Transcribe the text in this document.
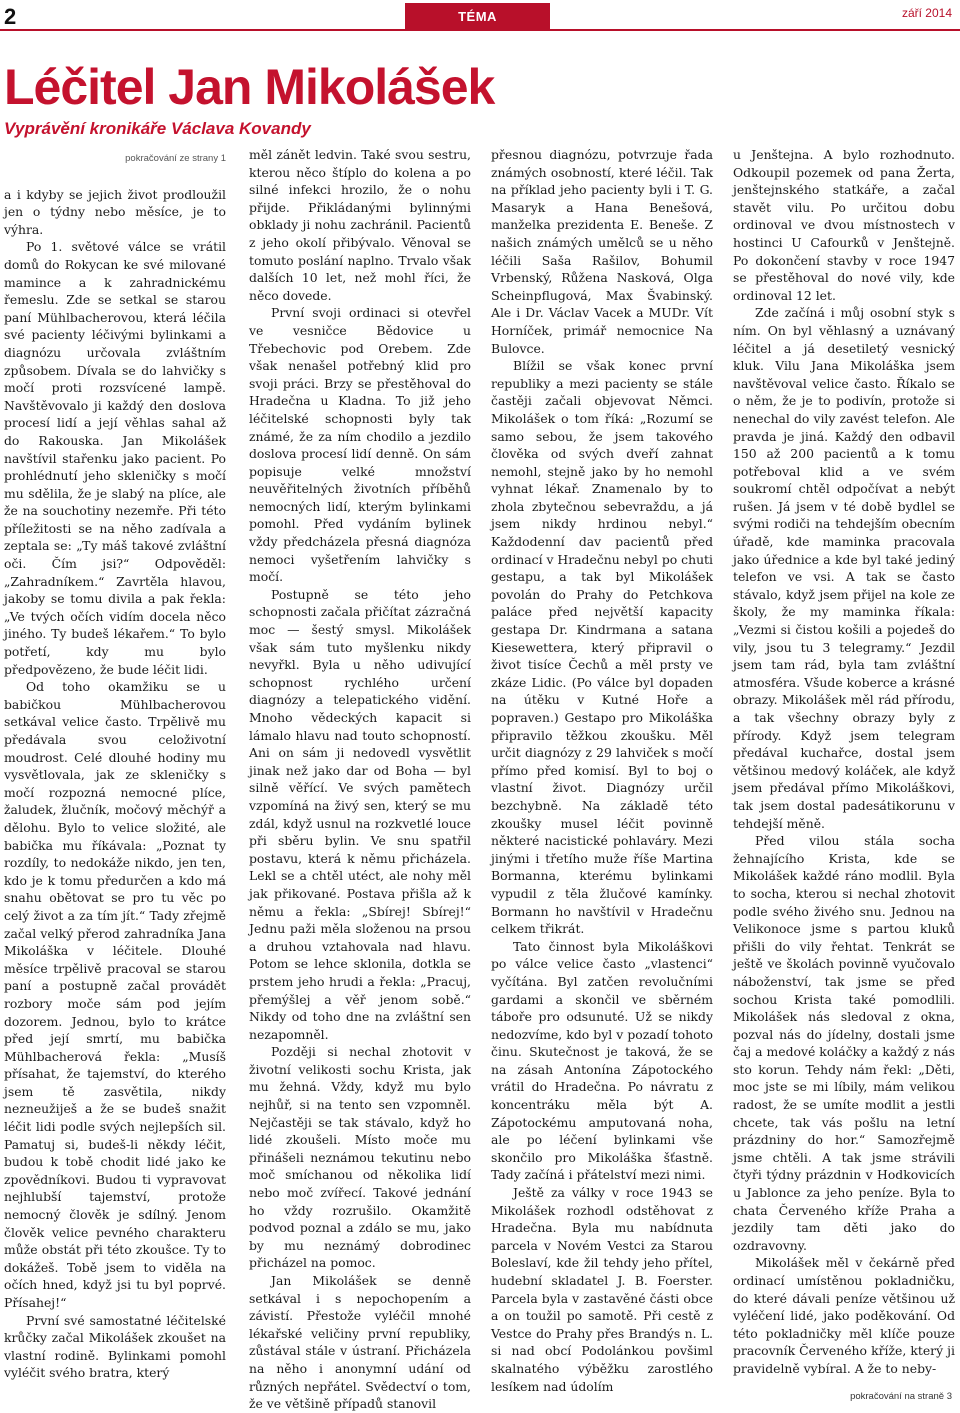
2	TÉMA	září 2014
Léčitel Jan Mikolášek
Vyprávění kronikáře Václava Kovandy
pokračování ze strany 1

a i kdyby se jejich život prodloužil jen o týdny nebo měsíce, je to výhra.

Po 1. světové válce se vrátil domů do Rokycan ke své milované mamince a k zahradnickému řemeslu. Zde se setkal se starou paní Mühlbacherovou, která léčila své pacienty léčivými bylinkami a diagnózu určovala zvláštním způsobem. Dívala se do lahvičky s močí proti rozsvícené lampě. Navštěvovalo ji každý den doslova procesí lidí a její věhlas sahal až do Rakouska. Jan Mikolášek navštívil stařenku jako pacient. Po prohlédnutí jeho skleničky s močí mu sdělila, že je slabý na plíce, ale že na souchotiny nezemře. Při této příležitosti se na něho zadívala a zeptala se: „Ty máš takové zvláštní oči. Čím jsi?“ Odpověděl: „Zahradníkem.“ Zavrtěla hlavou, jakoby se tomu divila a pak řekla: „Ve tvých očích vidím docela něco jiného. Ty budeš lékařem.“ To bylo potřetí, kdy mu bylo předpovězeno, že bude léčit lidi.

Od toho okamžiku se u babičkou Mühlbacherovou setkával velice často. Trpělivě mu předávala svou celoživotní moudrost. Celé dlouhé hodiny mu vysvětlovala, jak ze skleničky s močí rozpozná nemocné plíce, žaludek, žlučník, močový měchýř a dělohu. Bylo to velice složité, ale babička mu říkávala: „Poznat ty rozdíly, to nedokáže nikdo, jen ten, kdo je k tomu předurčen a kdo má snahu obětovat se pro tu věc po celý život a za tím jít.“ Tady zřejmě začal velký přerod zahradníka Jana Mikoláška v léčitele. Dlouhé měsíce trpělivě pracoval se starou paní a postupně začal provádět rozbory moče sám pod jejím dozorem. Jednou, bylo to krátce před její smrtí, mu babička Mühlbacherová řekla: „Musíš přísahat, že tajemství, do kterého jsem tě zasvětila, nikdy nezneužiješ a že se budeš snažit léčit lidi podle svých nejlepších sil. Pamatuj si, budeš-li někdy léčit, budou k tobě chodit lidé jako ke zpovědníkovi. Budou ti vypravovat nejhlubší tajemství, protože nemocný člověk je sdílný. Jenom člověk velice pevného charakteru může obstát při této zkoušce. Ty to dokážeš. Tobě jsem to viděla na očích hned, když jsi tu byl poprvé. Přísahej!“

První své samostatné léčitelské krůčky začal Mikolášek zkoušet na vlastní rodině. Bylinkami pomohl vyléčit svého bratra, který

měl zánět ledvin. Také svou sestru, kterou něco štíplo do kolena a po silné infekci hrozilo, že o nohu přijde. Přikládanými bylinnými obklady ji nohu zachránil. Pacientů z jeho okolí přibývalo. Věnoval se tomuto poslání naplno. Trvalo však dalších 10 let, než mohl říci, že něco dovede.

První svoji ordinaci si otevřel ve vesničce Bědovice u Třebechovic pod Orebem. Zde však nenašel potřebný klid pro svoji práci. Brzy se přestěhoval do Hradečna u Kladna. To již jeho léčitelské schopnosti byly tak známé, že za ním chodilo a jezdilo doslova procesí lidí denně. On sám popisuje velké množství neuvěřitelných životních příběhů nemocných lidí, kterým bylinkami pomohl. Před vydáním bylinek vždy předcházela přesná diagnóza nemoci vyšetřením lahvičky s močí.

Postupně se této jeho schopnosti začala přičítat zázračná moc — šestý smysl. Mikolášek však sám tuto myšlenku nikdy nevyřkl. Byla u něho udivující schopnost rychlého určení diagnózy a telepatického vidění. Mnoho vědeckých kapacit si lámalo hlavu nad touto schopností. Ani on sám ji nedovedl vysvětlit jinak než jako dar od Boha — byl silně věřící. Ve svých pamětech vzpomíná na živý sen, který se mu zdál, když usnul na rozkvetlé louce při sběru bylin. Ve snu spatřil postavu, která k němu přicházela. Lekl se a chtěl utéct, ale nohy měl jak přikované. Postava přišla až k němu a řekla: „Sbírej! Sbírej!“ Jednu paži měla složenou na prsou a druhou vztahovala nad hlavu. Potom se lehce sklonila, dotkla se prstem jeho hrudi a řekla: „Pracuj, přemýšlej a věř jenom sobě.“ Nikdy od toho dne na zvláštní sen nezapomněl.

Později si nechal zhotovit v životní velikosti sochu Krista, jak mu žehná. Vždy, když mu bylo nejhůř, si na tento sen vzpomněl. Nejčastěji se tak stávalo, když ho lidé zkoušeli. Místo moče mu přinášeli neznámou tekutinu nebo moč smíchanou od několika lidí nebo moč zvířecí. Takové jednání ho vždy rozrušilo. Okamžitě podvod poznal a zdálo se mu, jako by mu neznámý dobrodinec přicházel na pomoc.

Jan Mikolášek se denně setkával i s nepochopením a závistí. Přestože vyléčil mnohé lékařské veličiny první republiky, zůstával stále v ústraní. Přicházela na něho i anonymní udání od různých nepřátel. Svědectví o tom, že ve většině případů stanovil

přesnou diagnózu, potvrzuje řada známých osobností, které léčil. Tak na příklad jeho pacienty byli i T. G. Masaryk a Hana Benešová, manželka prezidenta E. Beneše. Z našich známých umělců se u něho léčili Saša Rašilov, Bohumil Vrbenský, Růžena Nasková, Olga Scheinpflugová, Max Švabinský. Ale i Dr. Václav Vacek a MUDr. Vít Horníček, primář nemocnice Na Bulovce.

Blížil se však konec první republiky a mezi pacienty se stále častěji začali objevovat Němci. Mikolášek o tom říká: „Rozumí se samo sebou, že jsem takového člověka od svých dveří zahnat nemohl, stejně jako by ho nemohl vyhnat lékař. Znamenalo by to zhola zbytečnou sebevraždu, a já jsem nikdy hrdinou nebyl.“ Každodenní dav pacientů před ordinací v Hradečnu nebyl po chuti gestapu, a tak byl Mikolášek povolán do Prahy do Petchkova paláce před největší kapacity gestapa Dr. Kindrmana a satana Kiesewettera, který připravil o život tisíce Čechů a měl prsty ve zkáze Lidic. (Po válce byl dopaden na útěku v Kutné Hoře a popraven.) Gestapo pro Mikoláška připravilo těžkou zkoušku. Měl určit diagnózy z 29 lahviček s močí přímo před komisí. Byl to boj o vlastní život. Diagnózy určil bezchybně. Na základě této zkoušky musel léčit povinně některé nacistické pohlaváry. Mezi jinými i třetího muže říše Martina Bormanna, kterému bylinkami vypudil z těla žlučové kamínky. Bormann ho navštívil v Hradečnu celkem třikrát.

Tato činnost byla Mikoláškovi po válce velice často „vlastenci“ vyčítána. Byl zatčen revolučními gardami a skončil ve sběrném táboře pro odsunuté. Už se nikdy nedozvíme, kdo byl v pozadí tohoto činu. Skutečnost je taková, že se na zásah Antonína Zápotockého vrátil do Hradečna. Po návratu z koncentráku měla být A. Zápotockému amputovaná noha, ale po léčení bylinkami vše skončilo pro Mikoláška šťastně. Tady začíná i přátelství mezi nimi.

Ještě za války v roce 1943 se Mikolášek rozhodl odstěhovat z Hradečna. Byla mu nabídnuta parcela v Novém Vestci za Starou Boleslaví, kde žil tehdy jeho přítel, hudební skladatel J. B. Foerster. Parcela byla v zastavěné části obce a on toužil po samotě. Při cestě z Vestce do Prahy přes Brandýs n. L. si nad obcí Podolánkou povšiml skalnatého výběžku zarostlého lesíkem nad údolím

u Jenštejna. A bylo rozhodnuto. Odkoupil pozemek od pana Žerta, jenštejnského statkáře, a začal stavět vilu. Po určitou dobu ordinoval ve dvou místnostech v hostinci U Cafourků v Jenštejně. Po dokončení stavby v roce 1947 se přestěhoval do nové vily, kde ordinoval 12 let.

Zde začíná i můj osobní styk s ním. On byl věhlasný a uznávaný léčitel a já desetiletý vesnický kluk. Vilu Jana Mikoláška jsem navštěvoval velice často. Říkalo se o něm, že je to podivín, protože si nenechal do vily zavést telefon. Ale pravda je jiná. Každý den odbavil 150 až 200 pacientů a k tomu potřeboval klid a ve svém soukromí chtěl odpočívat a nebýt rušen. Já jsem v té době bydlel se svými rodiči na tehdejším obecním úřadě, kde maminka pracovala jako úřednice a kde byl také jediný telefon ve vsi. A tak se často stávalo, když jsem přijel na kole ze školy, že my maminka říkala: „Vezmi si čistou košili a pojedeš do vily, jsou tu 3 telegramy.“ Jezdil jsem tam rád, byla tam zvláštní atmosféra. Všude koberce a krásné obrazy. Mikolášek měl rád přírodu, a tak všechny obrazy byly z přírody. Když jsem telegram předával kuchařce, dostal jsem většinou medový koláček, ale když jsem předával přímo Mikoláškovi, tak jsem dostal padesátikorunu v tehdejší měně.

Před vilou stála socha žehnajícího Krista, kde se Mikolášek každé ráno modlil. Byla to socha, kterou si nechal zhotovit podle svého živého snu. Jednou na Velikonoce jsme s partou kluků přišli do vily řehtat. Tenkrát se ještě ve školách povinně vyučovalo náboženství, tak jsme se před sochou Krista také pomodlili. Mikolášek nás sledoval z okna, pozval nás do jídelny, dostali jsme čaj a medové koláčky a každý z nás sto korun. Tehdy nám řekl: „Děti, moc jste se mi líbily, mám velikou radost, že se umíte modlit a jestli chcete, tak vás pošlu na letní prázdniny do hor.“ Samozřejmě jsme chtěli. A tak jsme strávili čtyři týdny prázdnin v Hodkovicích u Jablonce za jeho peníze. Byla to chata Červeného kříže Praha a jezdily tam děti jako do ozdravovny.

Mikolášek měl v čekárně před ordinací umístěnou pokladničku, do které dávali peníze většinou už vyléčení lidé, jako poděkování. Od této pokladničky měl klíče pouze pracovník Červeného kříže, který ji pravidelně vybíral. A že to neby-

pokračování na straně 3
